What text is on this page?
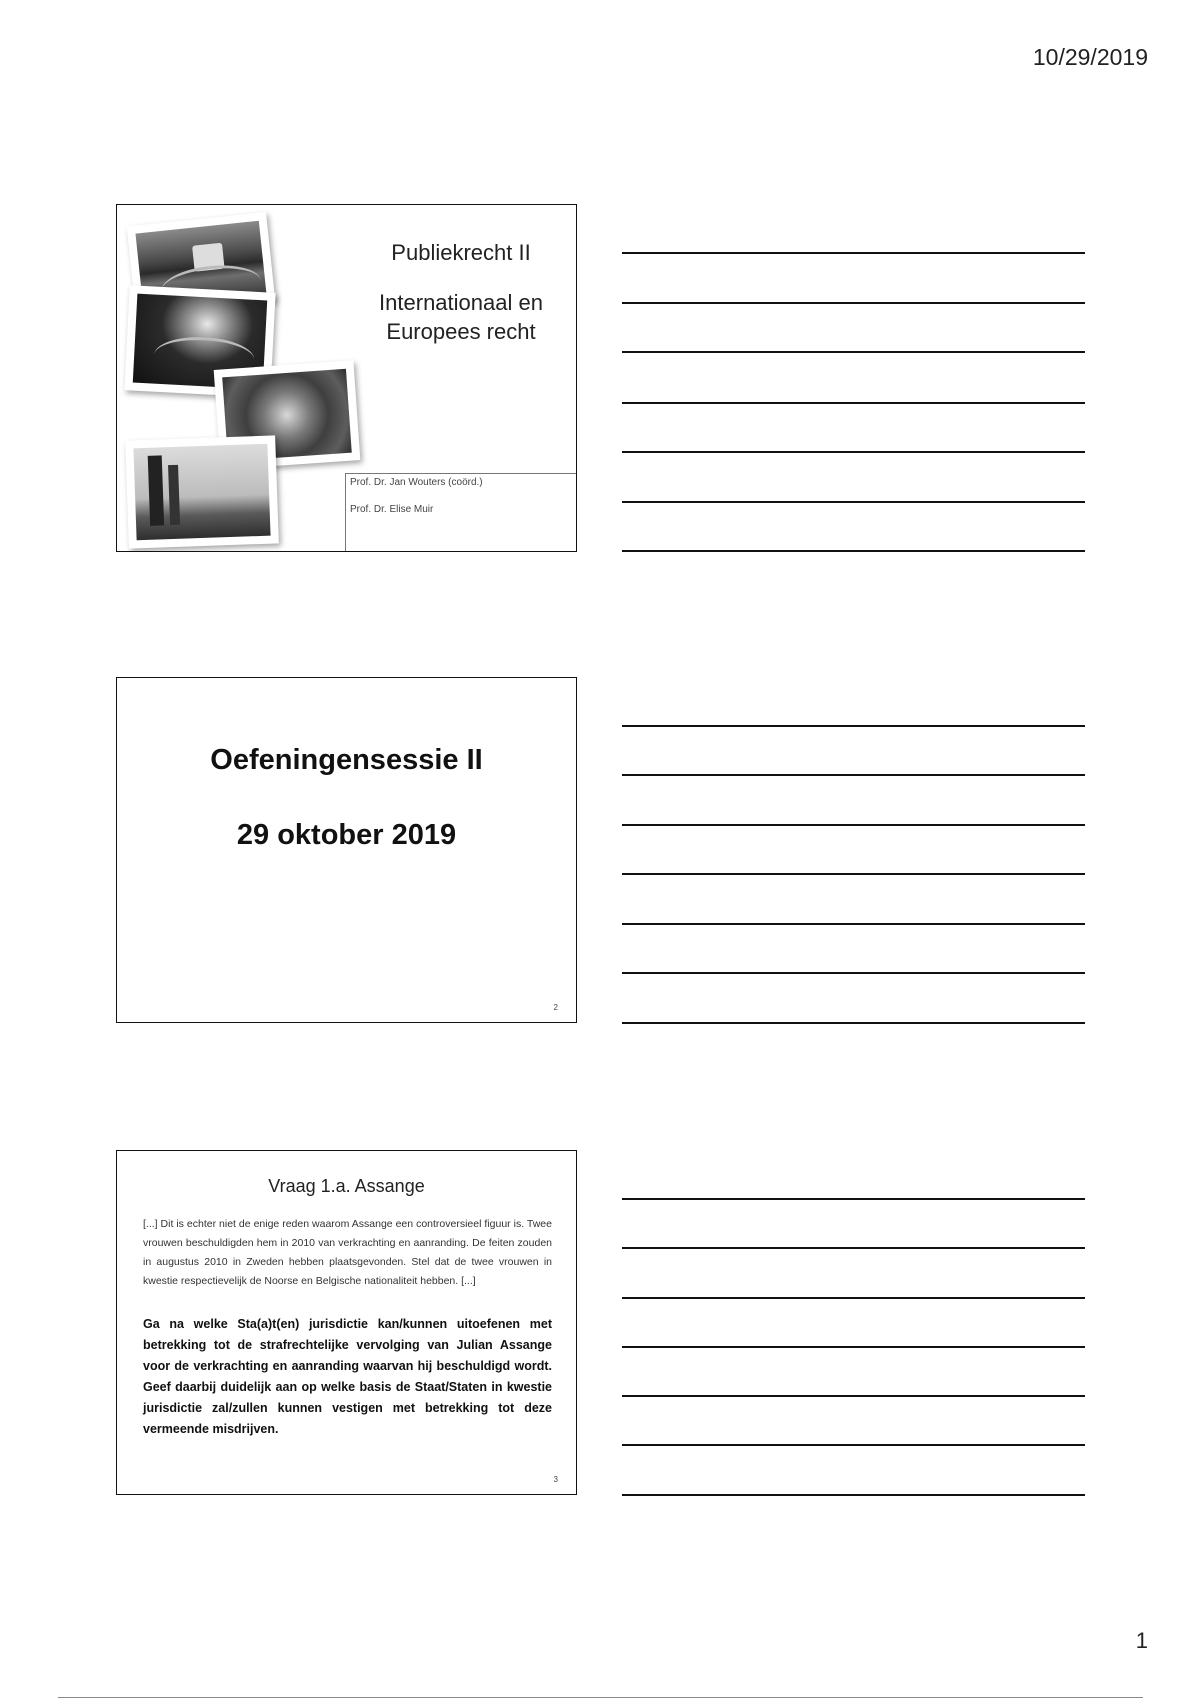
10/29/2019
Publiekrecht II
Internationaal en Europees recht
Prof. Dr. Jan Wouters (coörd.)
Prof. Dr. Elise Muir
Oefeningensessie II
29 oktober 2019
2
Vraag 1.a. Assange
[...] Dit is echter niet de enige reden waarom Assange een controversieel figuur is. Twee vrouwen beschuldigden hem in 2010 van verkrachting en aanranding. De feiten zouden in augustus 2010 in Zweden hebben plaatsgevonden. Stel dat de twee vrouwen in kwestie respectievelijk de Noorse en Belgische nationaliteit hebben. [...]
Ga na welke Sta(a)t(en) jurisdictie kan/kunnen uitoefenen met betrekking tot de strafrechtelijke vervolging van Julian Assange voor de verkrachting en aanranding waarvan hij beschuldigd wordt. Geef daarbij duidelijk aan op welke basis de Staat/Staten in kwestie jurisdictie zal/zullen kunnen vestigen met betrekking tot deze vermeende misdrijven.
3
1
